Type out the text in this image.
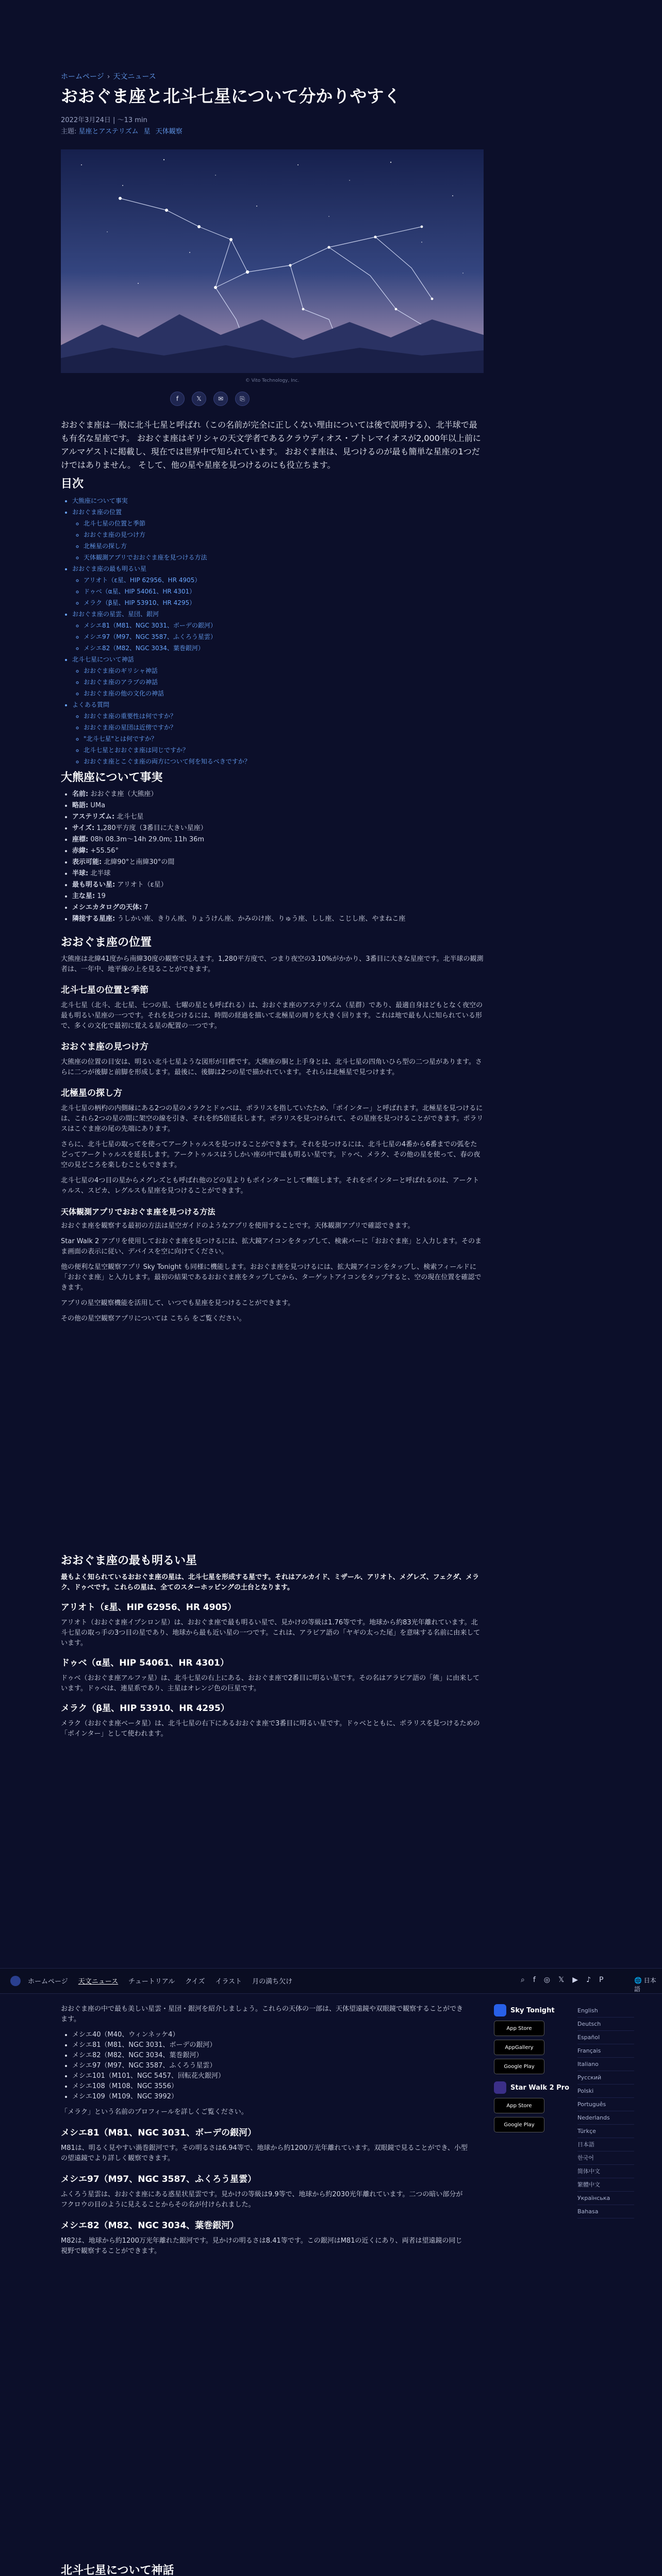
ホームページ › 天文ニュース
おおぐま座と北斗七星について分かりやすく
2022年3月24日 | ～13 min
主題: 星座とアステリズム 星 天体観察
© Vito Technology, Inc.
f	𝕏	✉	⎘

おおぐま座は一般に北斗七星と呼ばれ（この名前が完全に正しくない理由については後で説明する）、北半球で最も有名な星座です。 おおぐま座はギリシャの天文学者であるクラウディオス・プトレマイオスが2,000年以上前にアルマゲストに掲載し、現在では世界中で知られています。 おおぐま座は、見つけるのが最も簡単な星座の1つだけではありません。 そして、他の星や星座を見つけるのにも役立ちます。

目次
• 大熊座について事実
• おおぐま座の位置
◦ 北斗七星の位置と季節
◦ おおぐま座の見つけ方
◦ 北極星の探し方
◦ 天体観測アプリでおおぐま座を見つける方法
• おおぐま座の最も明るい星
◦ アリオト（ε星、HIP 62956、HR 4905）
◦ ドゥベ（α星、HIP 54061、HR 4301）
◦ メラク（β星、HIP 53910、HR 4295）
• おおぐま座の星雲、星団、銀河
◦ メシエ81（M81、NGC 3031、ボーデの銀河）
◦ メシエ97（M97、NGC 3587、ふくろう星雲）
◦ メシエ82（M82、NGC 3034、葉巻銀河）
• 北斗七星について神話
◦ おおぐま座のギリシャ神話
◦ おおぐま座のアラブの神話
◦ おおぐま座の他の文化の神話
• よくある質問
◦ おおぐま座の重要性は何ですか？
◦ おおぐま座の星団は近傍ですか？
◦ "北斗七星"とは何ですか？
◦ 北斗七星とおおぐま座は同じですか？
◦ おおぐま座とこぐま座の両方について何を知るべきですか？
大熊座について事実
• 名前: おおぐま座（大熊座）
• 略語: UMa
• アステリズム: 北斗七星
• サイズ: 1,280平方度（3番目に大きい星座）
• 座標: 08h 08.3m〜14h 29.0m; 11h 36m
• 赤緯: +55.56°
• 表示可能: 北緯90°と南緯30°の間
• 半球: 北半球
• 最も明るい星: アリオト（ε星）
• 主な星: 19
• メシエカタログの天体: 7
• 隣接する星座: うしかい座、きりん座、りょうけん座、かみのけ座、りゅう座、しし座、こじし座、やまねこ座
おおぐま座の位置

大熊座は北緯41度から南緯30度の観察で見えます。1,280平方度で、つまり夜空の3.10%がかかり、3番目に大きな星座です。北半球の観測者は、一年中、地平線の上を見ることができます。

北斗七星の位置と季節

北斗七星（北斗、北七星、七つの星、七曜の星とも呼ばれる）は、おおぐま座のアステリズム（星群）であり、最適自身ほどもとなく夜空の最も明るい星座の一つです。それを見つけるには、時間の経過を描いて北極星の周りを大きく回ります。これは地で最も人に知られている形で、多くの文化で最初に覚える星の配置の一つです。

おおぐま座の見つけ方

大熊座の位置の目安は、明るい北斗七星ような図形が目標です。大熊座の胴と上手身とは、北斗七星の四角いひら型の二つ星があります。さらに二つが後脚と前脚を形成します。最後に、後脚は2つの星で描かれています。それらは北極星で見つけます。

北極星の探し方

北斗七星の柄杓の内側縁にある2つの星のメラクとドゥベは、ポラリスを指していたため、「ポインター」と呼ばれます。北極星を見つけるには、これら2つの星の間に架空の線を引き、それを約5倍延長します。ポラリスを見つけられて、その星座を見つけることができます。ポラリスはこぐま座の尾の先端にあります。

さらに、北斗七星の取ってを使ってアークトゥルスを見つけることができます。それを見つけるには、北斗七星の4番から6番までの弧をたどってアークトゥルスを延長します。アークトゥルスはうしかい座の中で最も明るい星です。ドゥベ、メラク、その他の星を使って、春の夜空の見どころを楽しむこともできます。

北斗七星の4つ目の星からメグレズとも呼ばれ他のどの星よりもポインターとして機能します。それをポインターと呼ばれるのは、アークトゥルス、スピカ、レグルスも星座を見つけることができます。

天体観測アプリでおおぐま座を見つける方法

おおぐま座を観察する最初の方法は星空ガイドのようなアプリを使用することです。天体観測アプリで確認できます。

Star Walk 2 アプリを使用しておおぐま座を見つけるには、拡大鏡アイコンをタップして、検索バーに「おおぐま座」と入力します。そのまま画面の表示に従い、デバイスを空に向けてください。

他の便利な星空観察アプリ Sky Tonight も同様に機能します。おおぐま座を見つけるには、拡大鏡アイコンをタップし、検索フィールドに「おおぐま座」と入力します。最初の結果であるおおぐま座をタップしてから、ターゲットアイコンをタップすると、空の現在位置を確認できます。

アプリの星空観察機能を活用して、いつでも星座を見つけることができます。

その他の星空観察アプリについては こちら をご覧ください。

おおぐま座の最も明るい星

最もよく知られているおおぐま座の星は、北斗七星を形成する星です。それはアルカイド、ミザール、アリオト、メグレズ、フェクダ、メラク、ドゥベです。これらの星は、全てのスターホッピングの土台となります。

アリオト（ε星、HIP 62956、HR 4905）

アリオト（おおぐま座イプシロン星）は、おおぐま座で最も明るい星で、見かけの等級は1.76等です。地球から約83光年離れています。北斗七星の取っ手の3つ目の星であり、地球から最も近い星の一つです。これは、アラビア語の「ヤギの太った尾」を意味する名前に由来しています。

ドゥベ（α星、HIP 54061、HR 4301）

ドゥベ（おおぐま座アルファ星）は、北斗七星の右上にある、おおぐま座で2番目に明るい星です。その名はアラビア語の「熊」に由来しています。ドゥベは、連星系であり、主星はオレンジ色の巨星です。

メラク（β星、HIP 53910、HR 4295）

メラク（おおぐま座ベータ星）は、北斗七星の右下にあるおおぐま座で3番目に明るい星です。ドゥベとともに、ポラリスを見つけるための「ポインター」として使われます。

ホームページ 天文ニュース チュートリアル クイズ イラスト 月の満ち欠け	⌕ f ◎ 𝕏 ▶ ♪ P	🌐 日本語
Sky Tonight
App Store
AppGallery
Google Play
Star Walk 2 Pro
App Store
Google Play
English
Deutsch
Español
Français
Italiano
Русский
Polski
Português
Nederlands
Türkçe
日本語
한국어
简体中文
繁體中文
Українська
Bahasa

おおぐま座の中で最も美しい星雲・星団・銀河を紹介しましょう。これらの天体の一部は、天体望遠鏡や双眼鏡で観察することができます。

• メシエ40（M40、ウィンネッケ4）
• メシエ81（M81、NGC 3031、ボーデの銀河）
• メシエ82（M82、NGC 3034、葉巻銀河）
• メシエ97（M97、NGC 3587、ふくろう星雲）
• メシエ101（M101、NGC 5457、回転花火銀河）
• メシエ108（M108、NGC 3556）
• メシエ109（M109、NGC 3992）

「メラク」という名前のプロフィールを詳しくご覧ください。

メシエ81（M81、NGC 3031、ボーデの銀河）

M81は、明るく見やすい渦巻銀河です。その明るさは6.94等で、地球から約1200万光年離れています。双眼鏡で見ることができ、小型の望遠鏡でより詳しく観察できます。

メシエ97（M97、NGC 3587、ふくろう星雲）

ふくろう星雲は、おおぐま座にある惑星状星雲です。見かけの等級は9.9等で、地球から約2030光年離れています。二つの暗い部分がフクロウの目のように見えることからその名が付けられました。

メシエ82（M82、NGC 3034、葉巻銀河）

M82は、地球から約1200万光年離れた銀河です。見かけの明るさは8.41等です。この銀河はM81の近くにあり、両者は望遠鏡の同じ視野で観察することができます。

北斗七星について神話
